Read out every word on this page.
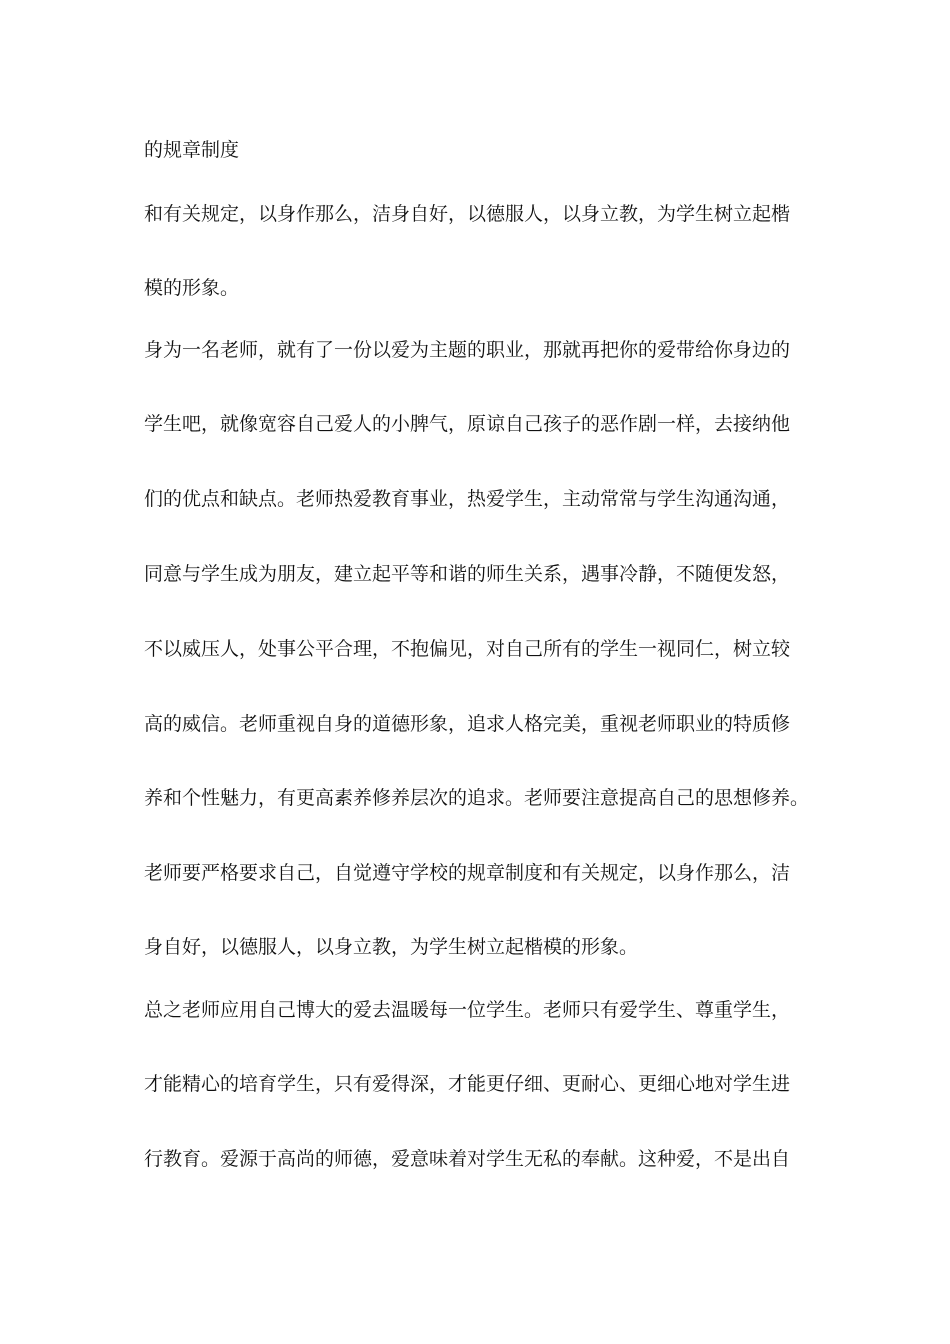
的规章制度
和有关规定，以身作那么，洁身自好，以德服人，以身立教，为学生树立起楷
模的形象。
身为一名老师，就有了一份以爱为主题的职业，那就再把你的爱带给你身边的
学生吧，就像宽容自己爱人的小脾气，原谅自己孩子的恶作剧一样，去接纳他
们的优点和缺点。老师热爱教育事业，热爱学生，主动常常与学生沟通沟通，
同意与学生成为朋友，建立起平等和谐的师生关系，遇事冷静，不随便发怒，
不以威压人，处事公平合理，不抱偏见，对自己所有的学生一视同仁，树立较
高的威信。老师重视自身的道德形象，追求人格完美，重视老师职业的特质修
养和个性魅力，有更高素养修养层次的追求。老师要注意提高自己的思想修养。
老师要严格要求自己，自觉遵守学校的规章制度和有关规定，以身作那么，洁
身自好，以德服人，以身立教，为学生树立起楷模的形象。
总之老师应用自己博大的爱去温暖每一位学生。老师只有爱学生、尊重学生，
才能精心的培育学生，只有爱得深，才能更仔细、更耐心、更细心地对学生进
行教育。爱源于高尚的师德，爱意味着对学生无私的奉献。这种爱，不是出自
